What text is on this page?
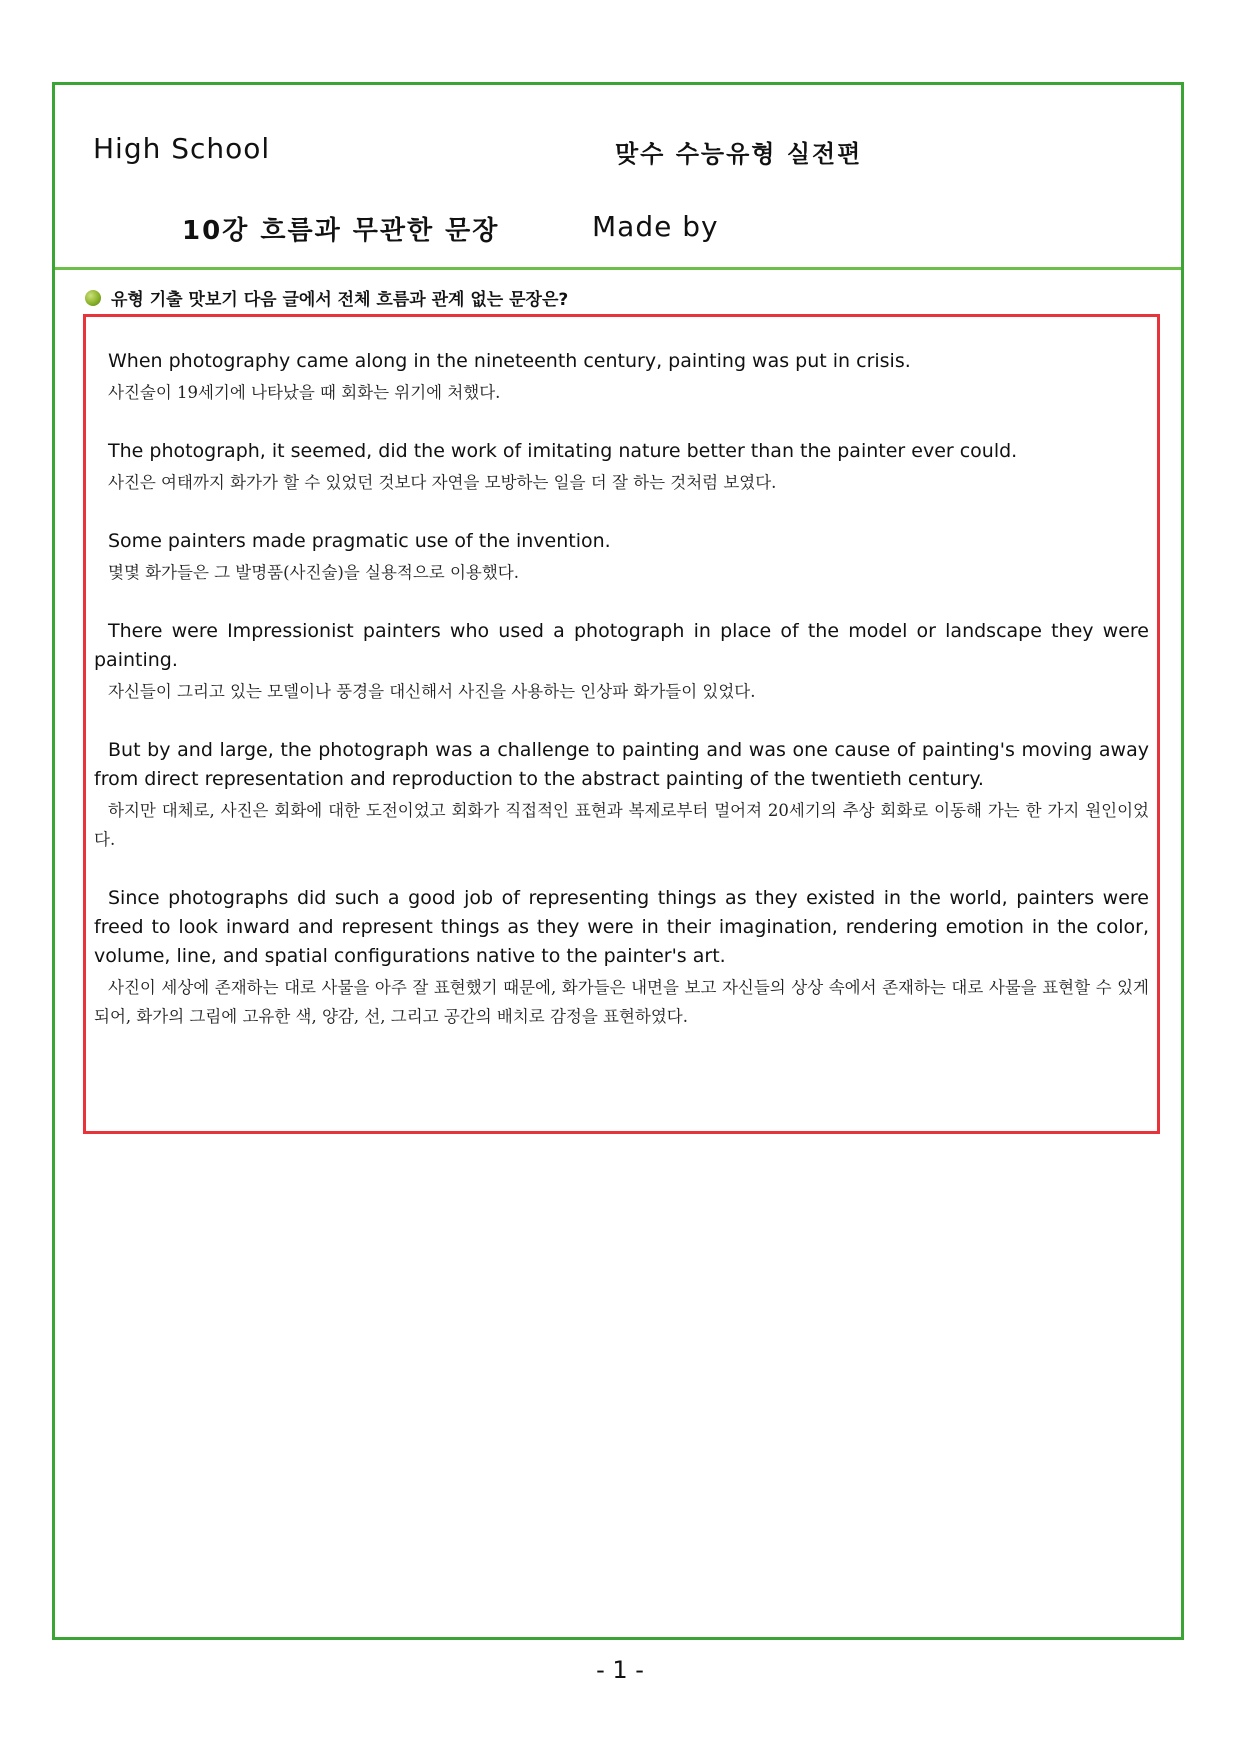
High School	맞수 수능유형 실전편
10강 흐름과 무관한 문장	Made by
유형 기출 맛보기 다음 글에서 전체 흐름과 관계 없는 문장은?

When photography came along in the nineteenth century, painting was put in crisis.

사진술이 19세기에 나타났을 때 회화는 위기에 처했다.

The photograph, it seemed, did the work of imitating nature better than the painter ever could.

사진은 여태까지 화가가 할 수 있었던 것보다 자연을 모방하는 일을 더 잘 하는 것처럼 보였다.

Some painters made pragmatic use of the invention.

몇몇 화가들은 그 발명품(사진술)을 실용적으로 이용했다.

There were Impressionist painters who used a photograph in place of the model or landscape they were painting.

자신들이 그리고 있는 모델이나 풍경을 대신해서 사진을 사용하는 인상파 화가들이 있었다.

But by and large, the photograph was a challenge to painting and was one cause of painting's moving away from direct representation and reproduction to the abstract painting of the twentieth century.

하지만 대체로, 사진은 회화에 대한 도전이었고 회화가 직접적인 표현과 복제로부터 멀어져 20세기의 추상 회화로 이동해 가는 한 가지 원인이었다.

Since photographs did such a good job of representing things as they existed in the world, painters were freed to look inward and represent things as they were in their imagination, rendering emotion in the color, volume, line, and spatial configurations native to the painter's art.

사진이 세상에 존재하는 대로 사물을 아주 잘 표현했기 때문에, 화가들은 내면을 보고 자신들의 상상 속에서 존재하는 대로 사물을 표현할 수 있게 되어, 화가의 그림에 고유한 색, 양감, 선, 그리고 공간의 배치로 감정을 표현하였다.

- 1 -
